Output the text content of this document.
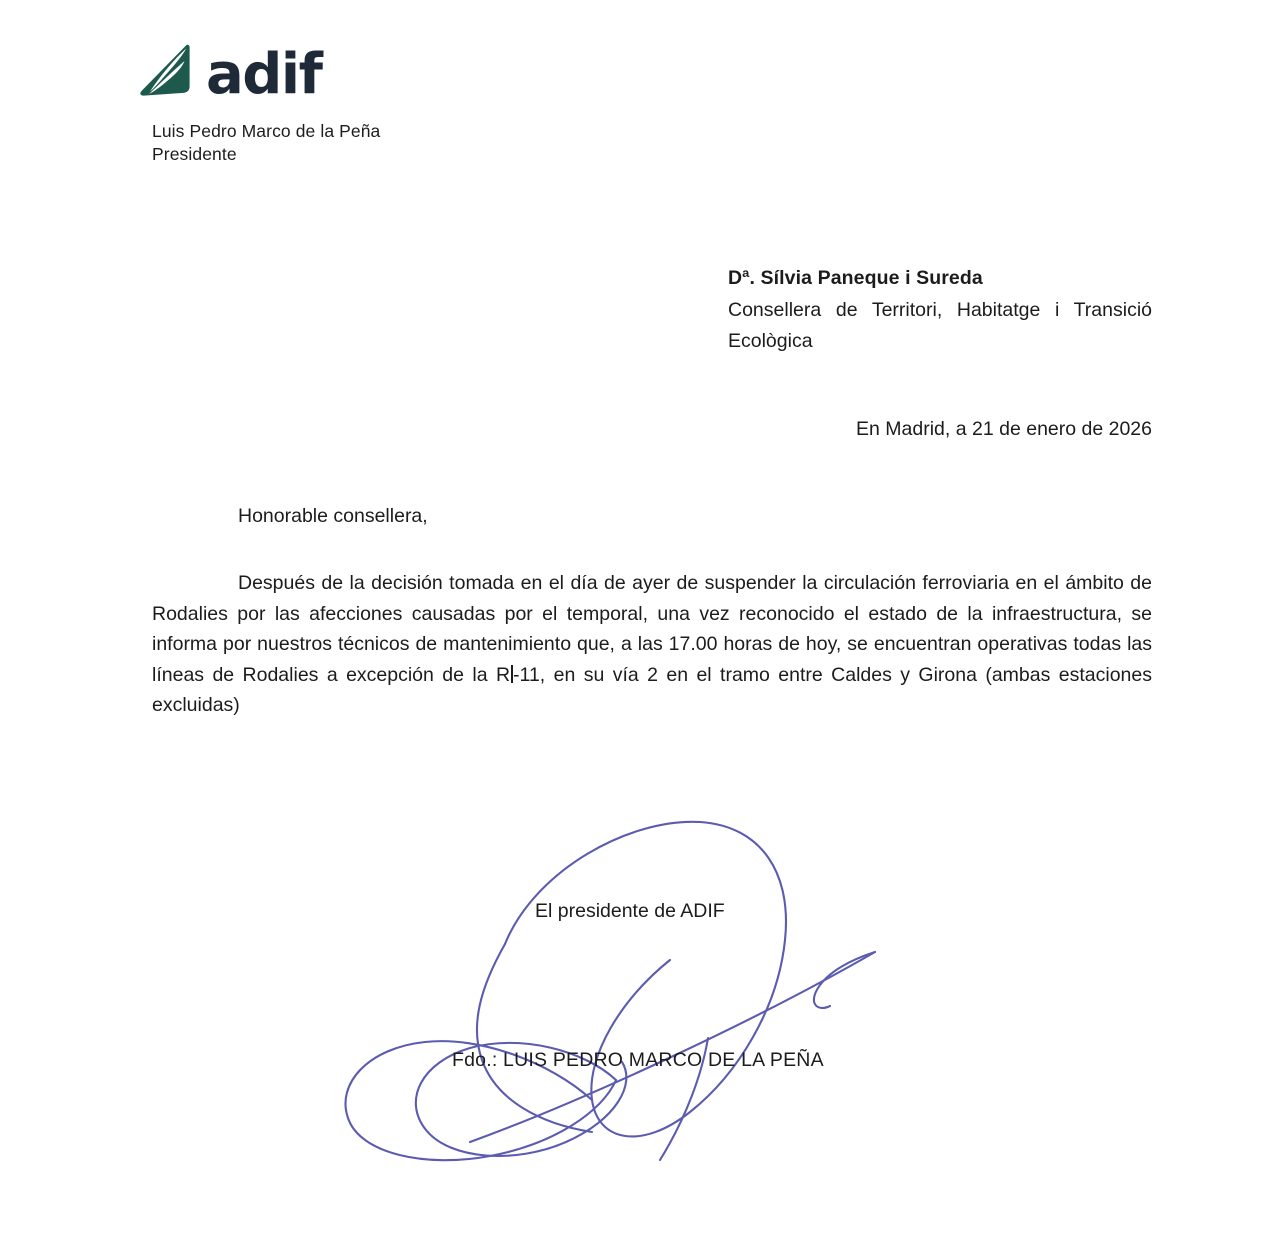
adif
Luis Pedro Marco de la Peña
Presidente
Dª. Sílvia Paneque i Sureda
Consellera de Territori, Habitatge i Transició Ecològica
En Madrid, a 21 de enero de 2026
Honorable consellera,
Después de la decisión tomada en el día de ayer de suspender la circulación ferroviaria en el ámbito de Rodalies por las afecciones causadas por el temporal, una vez reconocido el estado de la infraestructura, se informa por nuestros técnicos de mantenimiento que, a las 17.00 horas de hoy, se encuentran operativas todas las líneas de Rodalies a excepción de la R -11, en su vía 2 en el tramo entre Caldes y Girona (ambas estaciones excluidas)
El presidente de ADIF
Fdo.: LUIS PEDRO MARCO DE LA PEÑA
